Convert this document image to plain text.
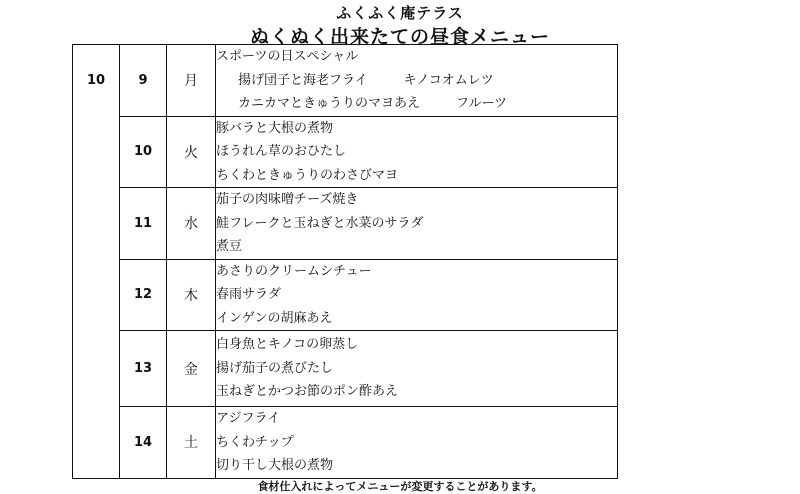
ふくふく庵テラス
ぬくぬく出来たての昼食メニュー
10	9	月	スポーツの日スペシャル
揚げ団子と海老フライ キノコオムレツ
カニカマときゅうりのマヨあえ フルーツ

	10	火	豚バラと大根の煮物
ほうれん草のおひたし
ちくわときゅうりのわさびマヨ

	11	水	茄子の肉味噌チーズ焼き
鮭フレークと玉ねぎと水菜のサラダ
煮豆

	12	木	あさりのクリームシチュー
春雨サラダ
インゲンの胡麻あえ

	13	金	白身魚とキノコの卵蒸し
揚げ茄子の煮びたし
玉ねぎとかつお節のポン酢あえ

	14	土	アジフライ
ちくわチップ
切り干し大根の煮物
食材仕入れによってメニューが変更することがあります。
